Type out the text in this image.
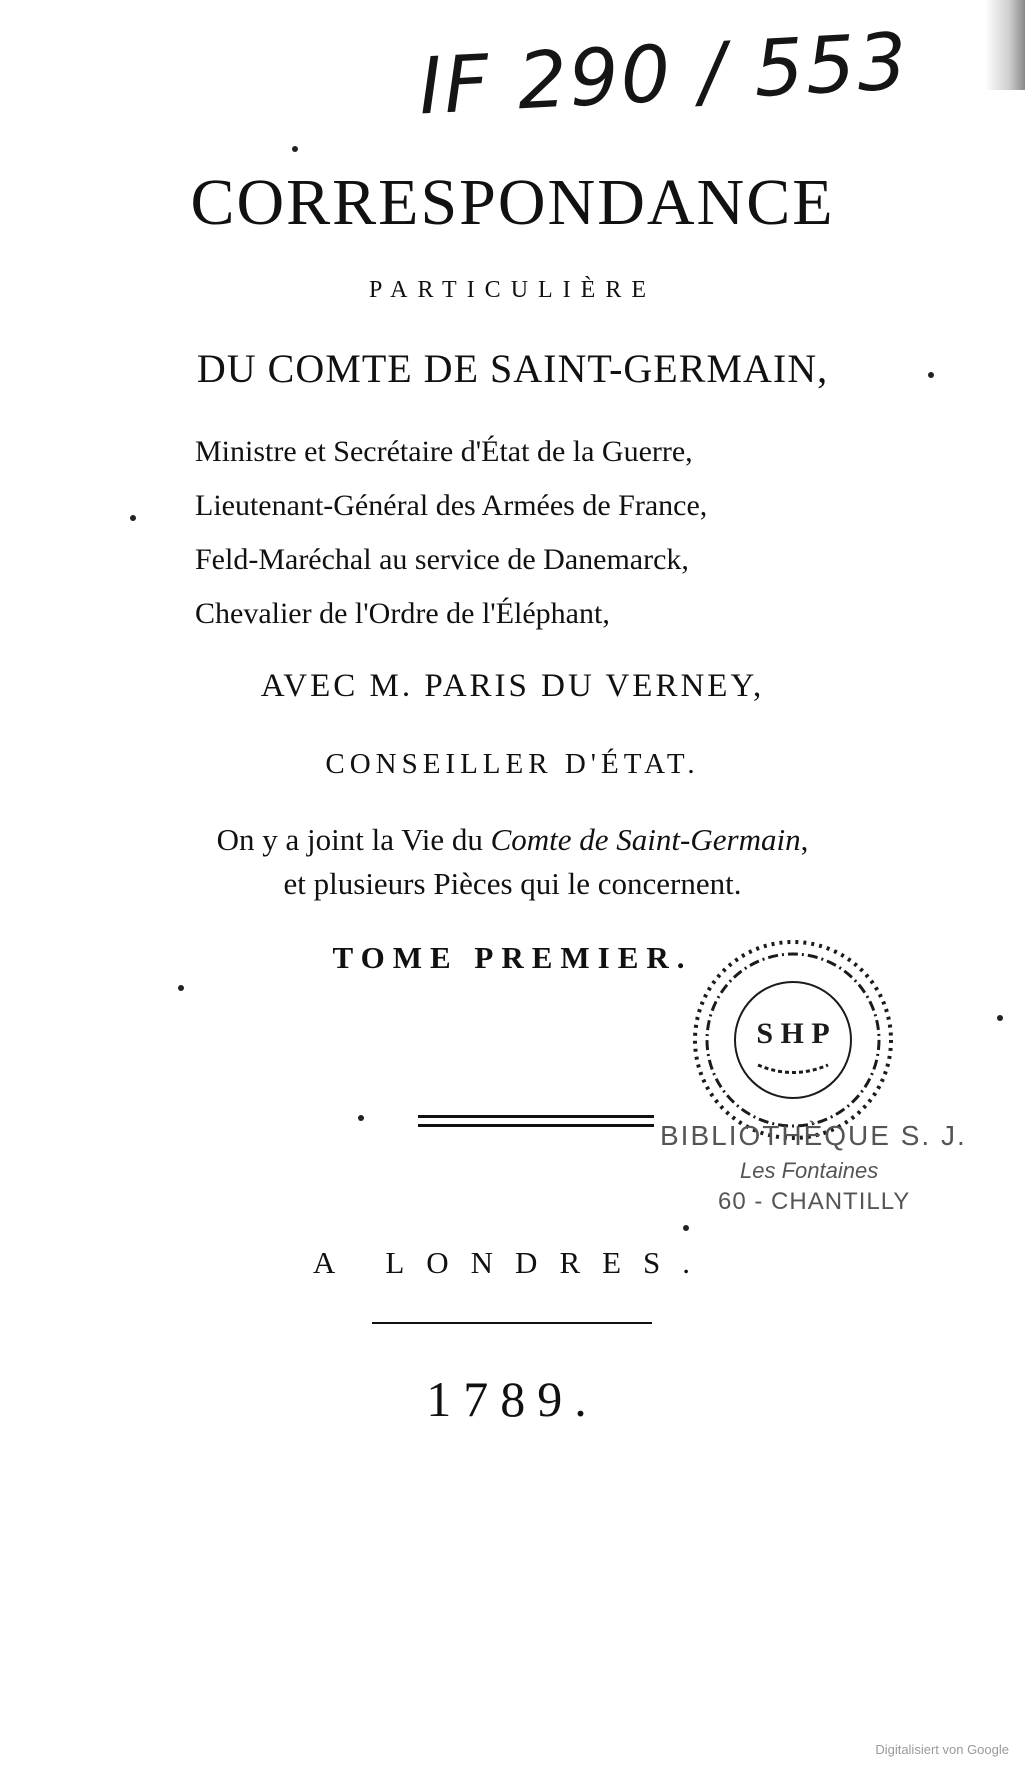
IF 290 / 553
CORRESPONDANCE
PARTICULIÈRE
DU COMTE DE SAINT-GERMAIN,
Ministre et Secrétaire d'État de la Guerre,
Lieutenant-Général des Armées de France,
Feld-Maréchal au service de Danemarck,
Chevalier de l'Ordre de l'Éléphant,
AVEC M. PARIS DU VERNEY,
CONSEILLER D'ÉTAT.
On y a joint la Vie du Comte de Saint-Germain,
et plusieurs Pièces qui le concernent.
TOME PREMIER.
S H P
BIBLIOTHÈQUE S. J.
Les Fontaines
60 - CHANTILLY
A LONDRES.
1789.
Digitalisiert von Google
